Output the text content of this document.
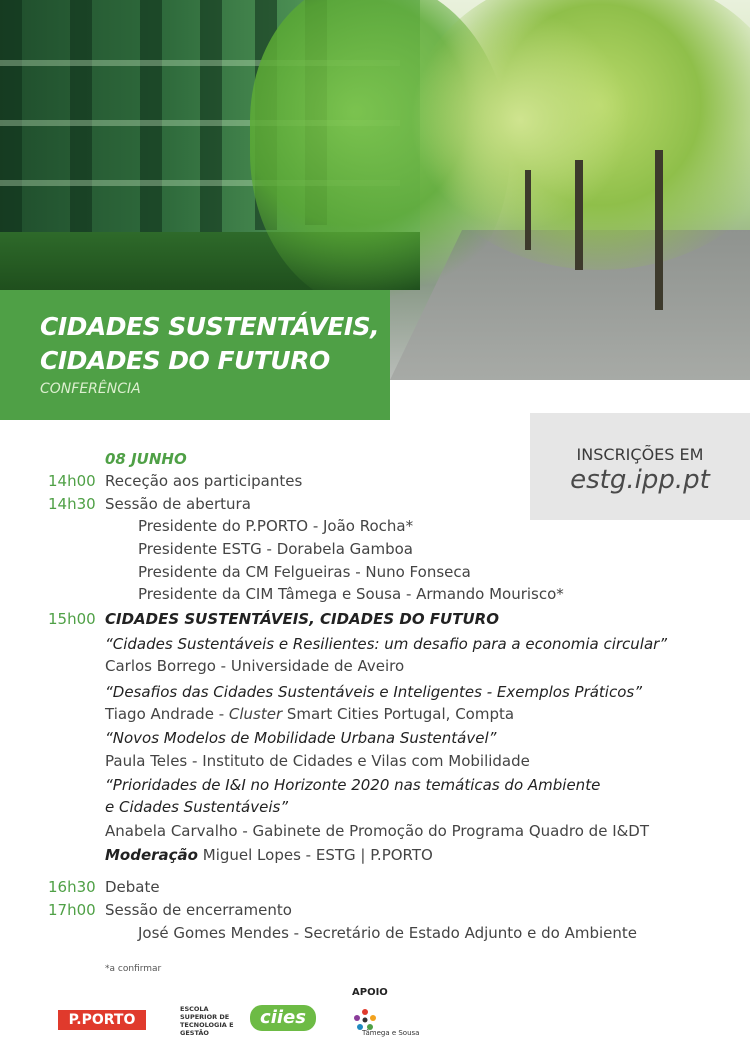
CIDADES SUSTENTÁVEIS,
CIDADES DO FUTURO
CONFERÊNCIA
INSCRIÇÕES EM
estg.ipp.pt
08 JUNHO
14h00 Receção aos participantes
14h30 Sessão de abertura
Presidente do P.PORTO - João Rocha*
Presidente ESTG - Dorabela Gamboa
Presidente da CM Felgueiras - Nuno Fonseca
Presidente da CIM Tâmega e Sousa - Armando Mourisco*
15h00 CIDADES SUSTENTÁVEIS, CIDADES DO FUTURO
“Cidades Sustentáveis e Resilientes: um desafio para a economia circular”
Carlos Borrego - Universidade de Aveiro
“Desafios das Cidades Sustentáveis e Inteligentes - Exemplos Práticos”
Tiago Andrade - Cluster Smart Cities Portugal, Compta
“Novos Modelos de Mobilidade Urbana Sustentável”
Paula Teles - Instituto de Cidades e Vilas com Mobilidade
“Prioridades de I&I no Horizonte 2020 nas temáticas do Ambiente
e Cidades Sustentáveis”
Anabela Carvalho - Gabinete de Promoção do Programa Quadro de I&DT
Moderação Miguel Lopes - ESTG | P.PORTO
16h30 Debate
17h00 Sessão de encerramento
José Gomes Mendes - Secretário de Estado Adjunto e do Ambiente
*a confirmar
P.PORTO
ESCOLA SUPERIOR DE TECNOLOGIA E GESTÃO
ciies
APOIO
Tâmega e Sousa
